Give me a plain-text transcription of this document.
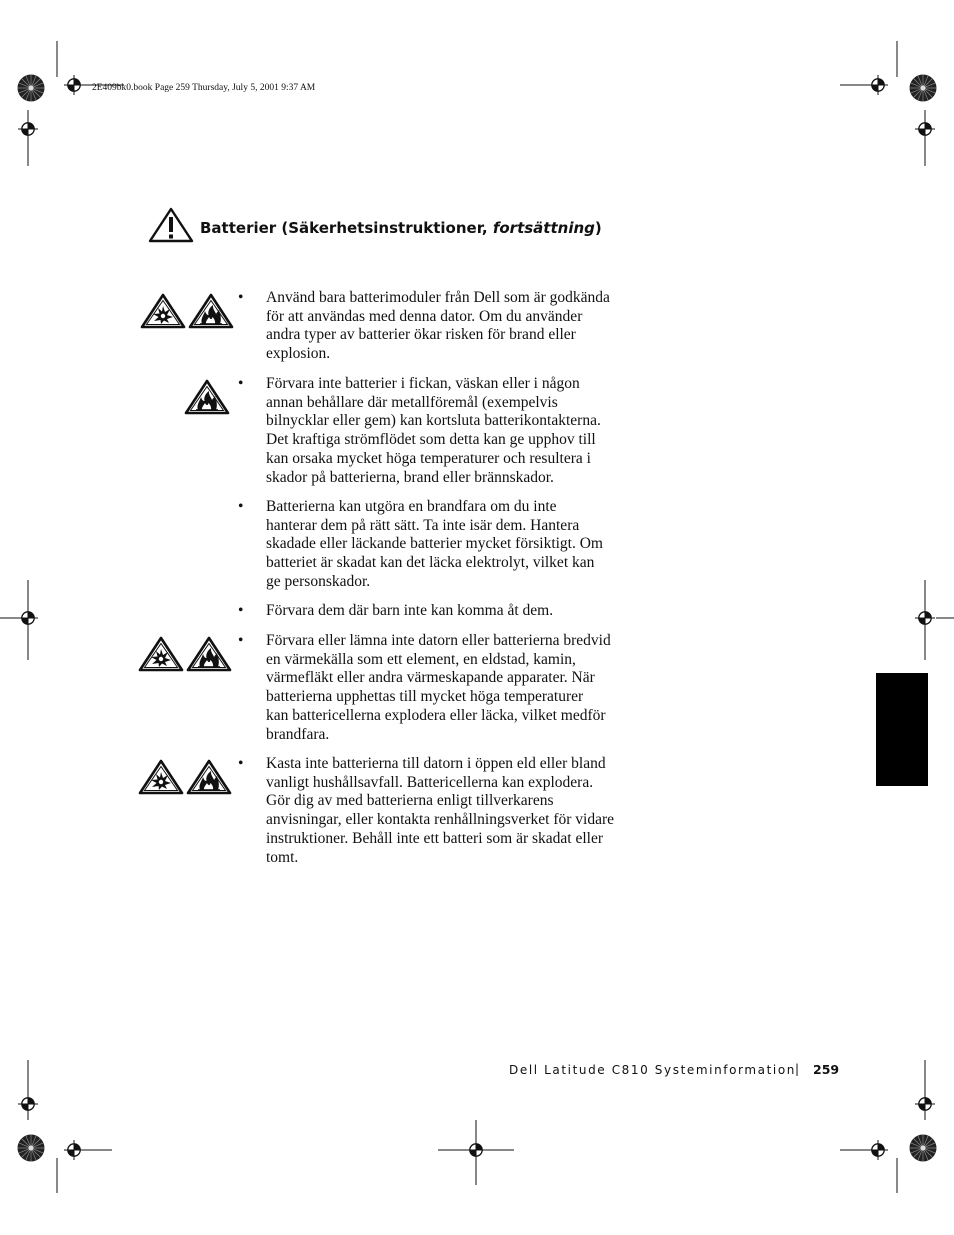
2E409bk0.book Page 259 Thursday, July 5, 2001 9:37 AM
Batterier (Säkerhetsinstruktioner, fortsättning)
• Använd bara batterimoduler från Dell som är godkända
för att användas med denna dator. Om du använder
andra typer av batterier ökar risken för brand eller
explosion.
• Förvara inte batterier i fickan, väskan eller i någon
annan behållare där metallföremål (exempelvis
bilnycklar eller gem) kan kortsluta batterikontakterna.
Det kraftiga strömflödet som detta kan ge upphov till
kan orsaka mycket höga temperaturer och resultera i
skador på batterierna, brand eller brännskador.
• Batterierna kan utgöra en brandfara om du inte
hanterar dem på rätt sätt. Ta inte isär dem. Hantera
skadade eller läckande batterier mycket försiktigt. Om
batteriet är skadat kan det läcka elektrolyt, vilket kan
ge personskador.
• Förvara dem där barn inte kan komma åt dem.
• Förvara eller lämna inte datorn eller batterierna bredvid
en värmekälla som ett element, en eldstad, kamin,
värmefläkt eller andra värmeskapande apparater. När
batterierna upphettas till mycket höga temperaturer
kan battericellerna explodera eller läcka, vilket medför
brandfara.
• Kasta inte batterierna till datorn i öppen eld eller bland
vanligt hushållsavfall. Battericellerna kan explodera.
Gör dig av med batterierna enligt tillverkarens
anvisningar, eller kontakta renhållningsverket för vidare
instruktioner. Behåll inte ett batteri som är skadat eller
tomt.
Dell Latitude C810 Systeminformation
| 259
